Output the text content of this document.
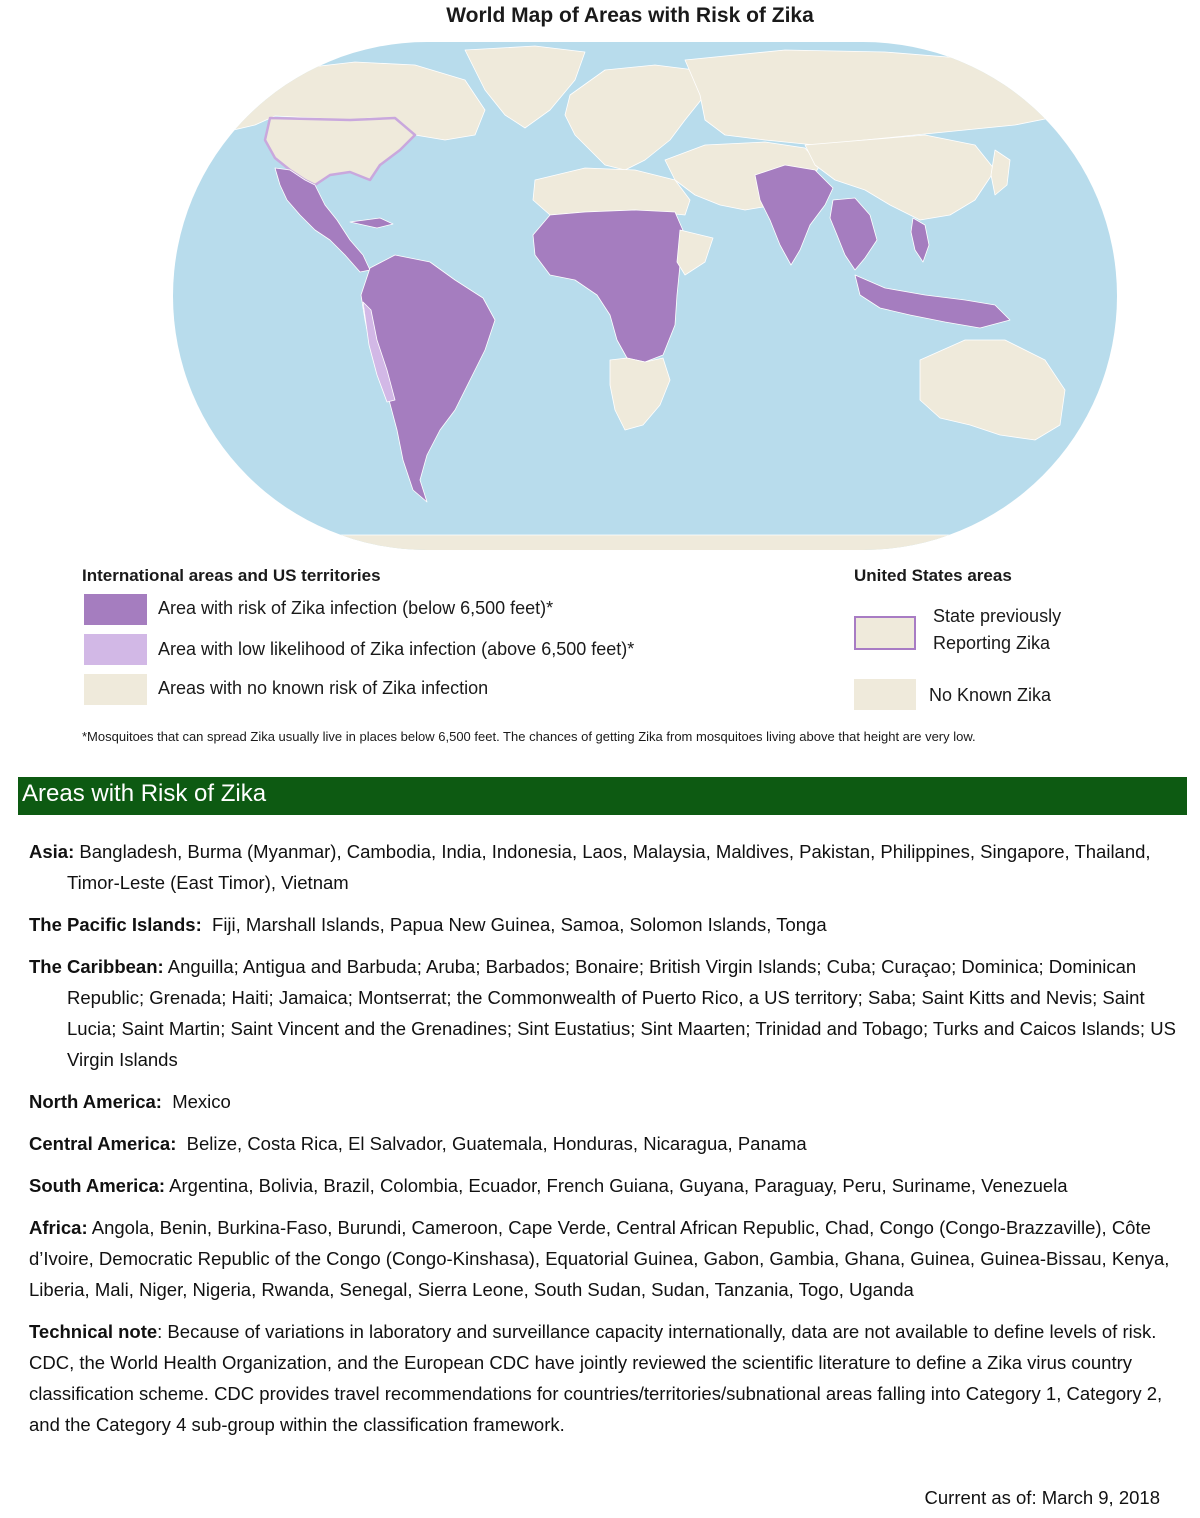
World Map of Areas with Risk of Zika
International areas and US territories
Area with risk of Zika infection (below 6,500 feet)*
Area with low likelihood of Zika infection (above 6,500 feet)*
Areas with no known risk of Zika infection
United States areas
State previously
Reporting Zika
No Known Zika
*Mosquitoes that can spread Zika usually live in places below 6,500 feet. The chances of getting Zika from mosquitoes living above that height are very low.
Areas with Risk of Zika
Asia: Bangladesh, Burma (Myanmar), Cambodia, India, Indonesia, Laos, Malaysia, Maldives, Pakistan, Philippines, Singapore, Thailand, Timor-Leste (East Timor), Vietnam
The Pacific Islands: Fiji, Marshall Islands, Papua New Guinea, Samoa, Solomon Islands, Tonga
The Caribbean: Anguilla; Antigua and Barbuda; Aruba; Barbados; Bonaire; British Virgin Islands; Cuba; Curaçao; Dominica; Dominican Republic; Grenada; Haiti; Jamaica; Montserrat; the Commonwealth of Puerto Rico, a US territory; Saba; Saint Kitts and Nevis; Saint Lucia; Saint Martin; Saint Vincent and the Grenadines; Sint Eustatius; Sint Maarten; Trinidad and Tobago; Turks and Caicos Islands; US Virgin Islands
North America: Mexico
Central America: Belize, Costa Rica, El Salvador, Guatemala, Honduras, Nicaragua, Panama
South America: Argentina, Bolivia, Brazil, Colombia, Ecuador, French Guiana, Guyana, Paraguay, Peru, Suriname, Venezuela
Africa: Angola, Benin, Burkina-Faso, Burundi, Cameroon, Cape Verde, Central African Republic, Chad, Congo (Congo-Brazzaville), Côte d’Ivoire, Democratic Republic of the Congo (Congo-Kinshasa), Equatorial Guinea, Gabon, Gambia, Ghana, Guinea, Guinea-Bissau, Kenya, Liberia, Mali, Niger, Nigeria, Rwanda, Senegal, Sierra Leone, South Sudan, Sudan, Tanzania, Togo, Uganda
Technical note: Because of variations in laboratory and surveillance capacity internationally, data are not available to define levels of risk. CDC, the World Health Organization, and the European CDC have jointly reviewed the scientific literature to define a Zika virus country classification scheme. CDC provides travel recommendations for countries/territories/subnational areas falling into Category 1, Category 2, and the Category 4 sub-group within the classification framework.
Current as of: March 9, 2018
